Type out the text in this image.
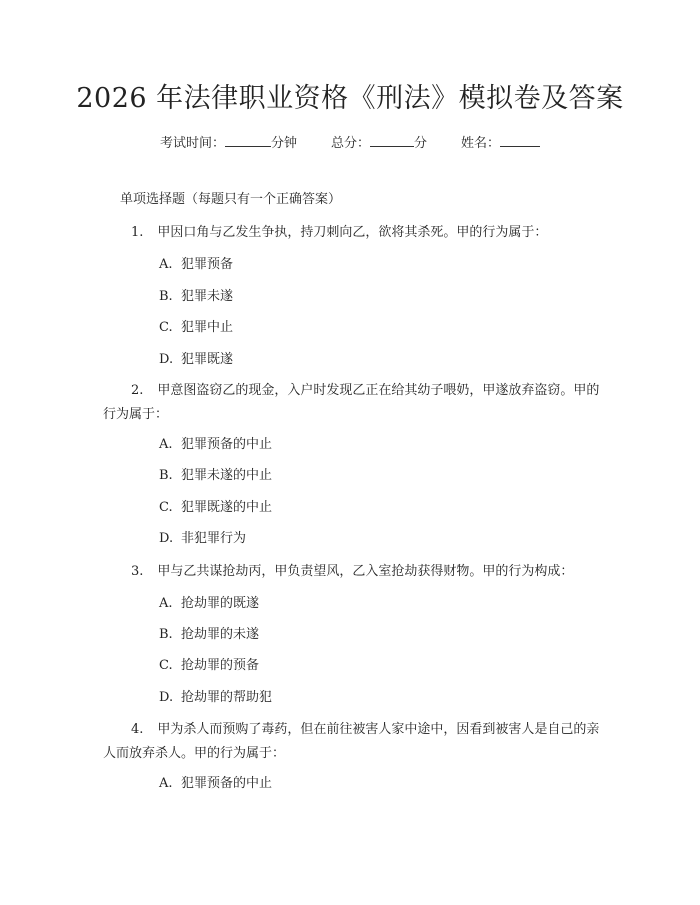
2026 年法律职业资格《刑法》模拟卷及答案
考试时间：	分钟	总分：	分	姓名：
单项选择题（每题只有一个正确答案）
1. 甲因口角与乙发生争执，持刀刺向乙，欲将其杀死。甲的行为属于：
A. 犯罪预备
B. 犯罪未遂
C. 犯罪中止
D. 犯罪既遂
2. 甲意图盗窃乙的现金，入户时发现乙正在给其幼子喂奶，甲遂放弃盗窃。甲的行为属于：
A. 犯罪预备的中止
B. 犯罪未遂的中止
C. 犯罪既遂的中止
D. 非犯罪行为
3. 甲与乙共谋抢劫丙，甲负责望风，乙入室抢劫获得财物。甲的行为构成：
A. 抢劫罪的既遂
B. 抢劫罪的未遂
C. 抢劫罪的预备
D. 抢劫罪的帮助犯
4. 甲为杀人而预购了毒药，但在前往被害人家中途中，因看到被害人是自己的亲人而放弃杀人。甲的行为属于：
A. 犯罪预备的中止
